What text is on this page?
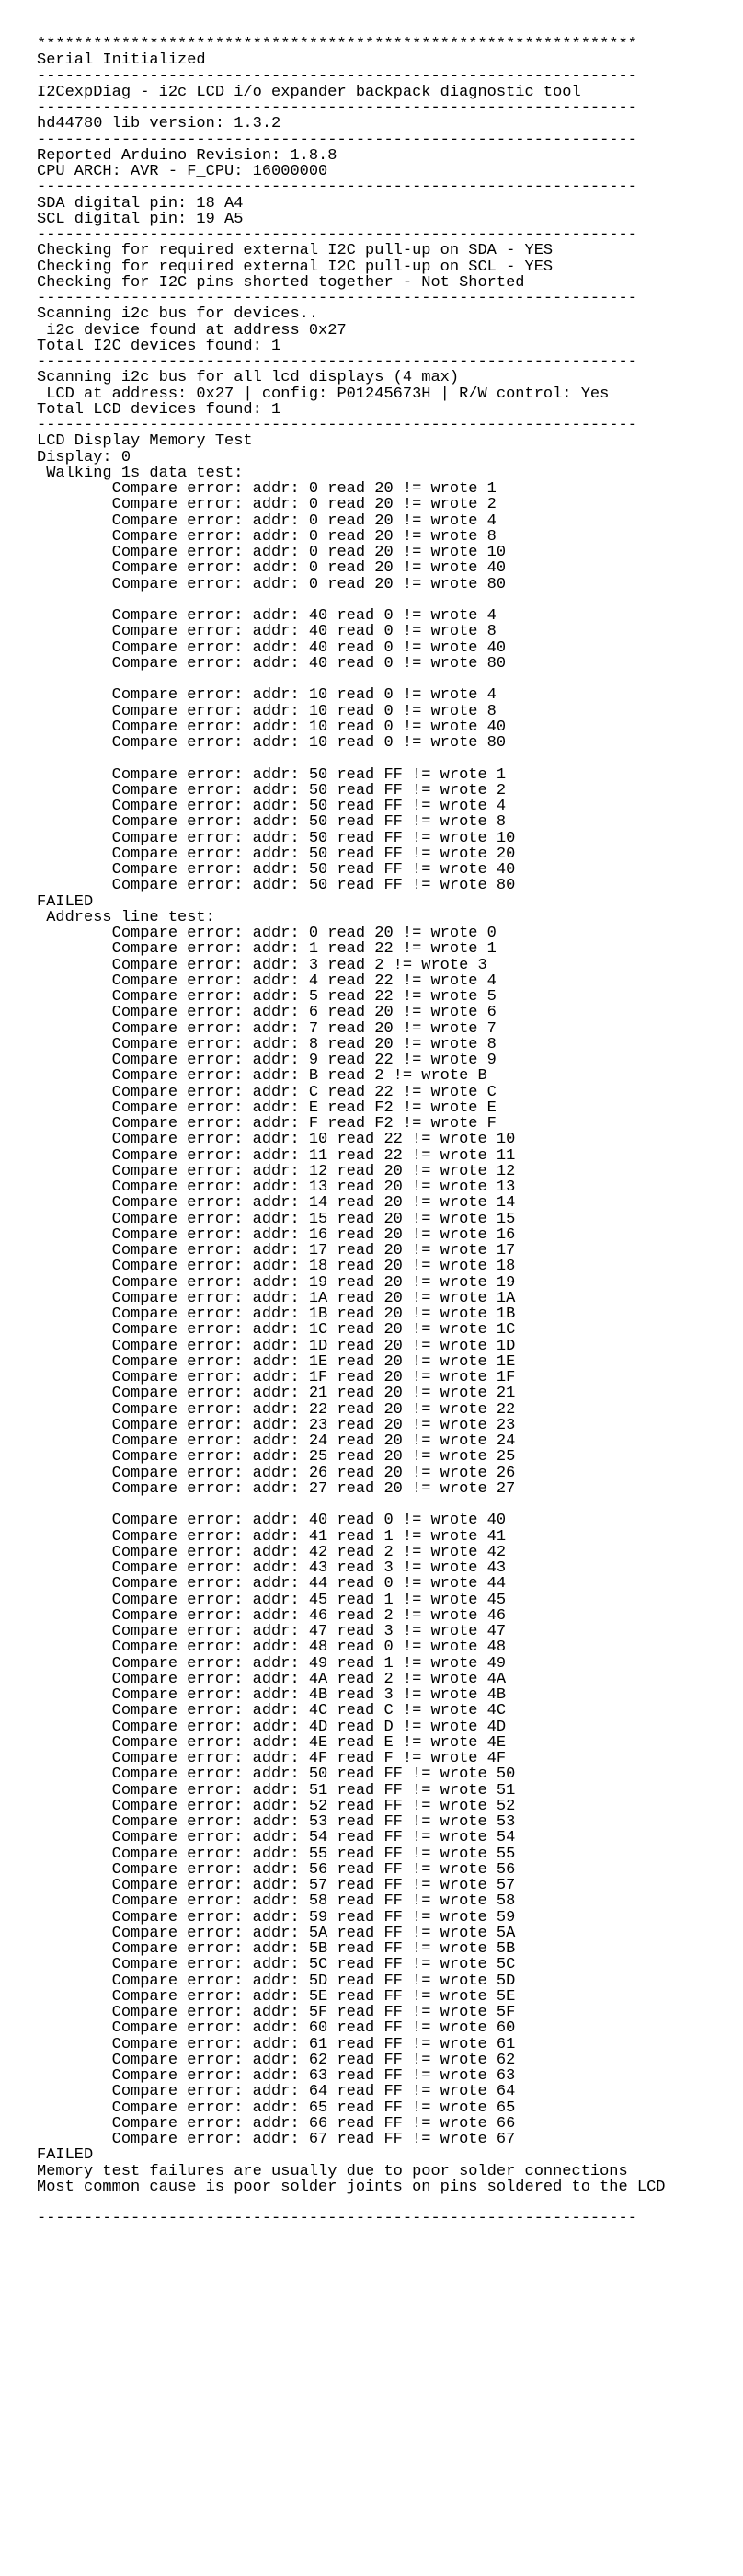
****************************************************************
Serial Initialized
----------------------------------------------------------------
I2CexpDiag - i2c LCD i/o expander backpack diagnostic tool
----------------------------------------------------------------
hd44780 lib version: 1.3.2
----------------------------------------------------------------
Reported Arduino Revision: 1.8.8
CPU ARCH: AVR - F_CPU: 16000000
----------------------------------------------------------------
SDA digital pin: 18 A4
SCL digital pin: 19 A5
----------------------------------------------------------------
Checking for required external I2C pull-up on SDA - YES
Checking for required external I2C pull-up on SCL - YES
Checking for I2C pins shorted together - Not Shorted
----------------------------------------------------------------
Scanning i2c bus for devices..
i2c device found at address 0x27
Total I2C devices found: 1
----------------------------------------------------------------
Scanning i2c bus for all lcd displays (4 max)
LCD at address: 0x27 | config: P01245673H | R/W control: Yes
Total LCD devices found: 1
----------------------------------------------------------------
LCD Display Memory Test
Display: 0
Walking 1s data test:
Compare error: addr: 0 read 20 != wrote 1
Compare error: addr: 0 read 20 != wrote 2
Compare error: addr: 0 read 20 != wrote 4
Compare error: addr: 0 read 20 != wrote 8
Compare error: addr: 0 read 20 != wrote 10
Compare error: addr: 0 read 20 != wrote 40
Compare error: addr: 0 read 20 != wrote 80
Compare error: addr: 40 read 0 != wrote 4
Compare error: addr: 40 read 0 != wrote 8
Compare error: addr: 40 read 0 != wrote 40
Compare error: addr: 40 read 0 != wrote 80
Compare error: addr: 10 read 0 != wrote 4
Compare error: addr: 10 read 0 != wrote 8
Compare error: addr: 10 read 0 != wrote 40
Compare error: addr: 10 read 0 != wrote 80
Compare error: addr: 50 read FF != wrote 1
Compare error: addr: 50 read FF != wrote 2
Compare error: addr: 50 read FF != wrote 4
Compare error: addr: 50 read FF != wrote 8
Compare error: addr: 50 read FF != wrote 10
Compare error: addr: 50 read FF != wrote 20
Compare error: addr: 50 read FF != wrote 40
Compare error: addr: 50 read FF != wrote 80
FAILED
Address line test:
Compare error: addr: 0 read 20 != wrote 0
Compare error: addr: 1 read 22 != wrote 1
Compare error: addr: 3 read 2 != wrote 3
Compare error: addr: 4 read 22 != wrote 4
Compare error: addr: 5 read 22 != wrote 5
Compare error: addr: 6 read 20 != wrote 6
Compare error: addr: 7 read 20 != wrote 7
Compare error: addr: 8 read 20 != wrote 8
Compare error: addr: 9 read 22 != wrote 9
Compare error: addr: B read 2 != wrote B
Compare error: addr: C read 22 != wrote C
Compare error: addr: E read F2 != wrote E
Compare error: addr: F read F2 != wrote F
Compare error: addr: 10 read 22 != wrote 10
Compare error: addr: 11 read 22 != wrote 11
Compare error: addr: 12 read 20 != wrote 12
Compare error: addr: 13 read 20 != wrote 13
Compare error: addr: 14 read 20 != wrote 14
Compare error: addr: 15 read 20 != wrote 15
Compare error: addr: 16 read 20 != wrote 16
Compare error: addr: 17 read 20 != wrote 17
Compare error: addr: 18 read 20 != wrote 18
Compare error: addr: 19 read 20 != wrote 19
Compare error: addr: 1A read 20 != wrote 1A
Compare error: addr: 1B read 20 != wrote 1B
Compare error: addr: 1C read 20 != wrote 1C
Compare error: addr: 1D read 20 != wrote 1D
Compare error: addr: 1E read 20 != wrote 1E
Compare error: addr: 1F read 20 != wrote 1F
Compare error: addr: 21 read 20 != wrote 21
Compare error: addr: 22 read 20 != wrote 22
Compare error: addr: 23 read 20 != wrote 23
Compare error: addr: 24 read 20 != wrote 24
Compare error: addr: 25 read 20 != wrote 25
Compare error: addr: 26 read 20 != wrote 26
Compare error: addr: 27 read 20 != wrote 27
Compare error: addr: 40 read 0 != wrote 40
Compare error: addr: 41 read 1 != wrote 41
Compare error: addr: 42 read 2 != wrote 42
Compare error: addr: 43 read 3 != wrote 43
Compare error: addr: 44 read 0 != wrote 44
Compare error: addr: 45 read 1 != wrote 45
Compare error: addr: 46 read 2 != wrote 46
Compare error: addr: 47 read 3 != wrote 47
Compare error: addr: 48 read 0 != wrote 48
Compare error: addr: 49 read 1 != wrote 49
Compare error: addr: 4A read 2 != wrote 4A
Compare error: addr: 4B read 3 != wrote 4B
Compare error: addr: 4C read C != wrote 4C
Compare error: addr: 4D read D != wrote 4D
Compare error: addr: 4E read E != wrote 4E
Compare error: addr: 4F read F != wrote 4F
Compare error: addr: 50 read FF != wrote 50
Compare error: addr: 51 read FF != wrote 51
Compare error: addr: 52 read FF != wrote 52
Compare error: addr: 53 read FF != wrote 53
Compare error: addr: 54 read FF != wrote 54
Compare error: addr: 55 read FF != wrote 55
Compare error: addr: 56 read FF != wrote 56
Compare error: addr: 57 read FF != wrote 57
Compare error: addr: 58 read FF != wrote 58
Compare error: addr: 59 read FF != wrote 59
Compare error: addr: 5A read FF != wrote 5A
Compare error: addr: 5B read FF != wrote 5B
Compare error: addr: 5C read FF != wrote 5C
Compare error: addr: 5D read FF != wrote 5D
Compare error: addr: 5E read FF != wrote 5E
Compare error: addr: 5F read FF != wrote 5F
Compare error: addr: 60 read FF != wrote 60
Compare error: addr: 61 read FF != wrote 61
Compare error: addr: 62 read FF != wrote 62
Compare error: addr: 63 read FF != wrote 63
Compare error: addr: 64 read FF != wrote 64
Compare error: addr: 65 read FF != wrote 65
Compare error: addr: 66 read FF != wrote 66
Compare error: addr: 67 read FF != wrote 67
FAILED
Memory test failures are usually due to poor solder connections
Most common cause is poor solder joints on pins soldered to the LCD
----------------------------------------------------------------
